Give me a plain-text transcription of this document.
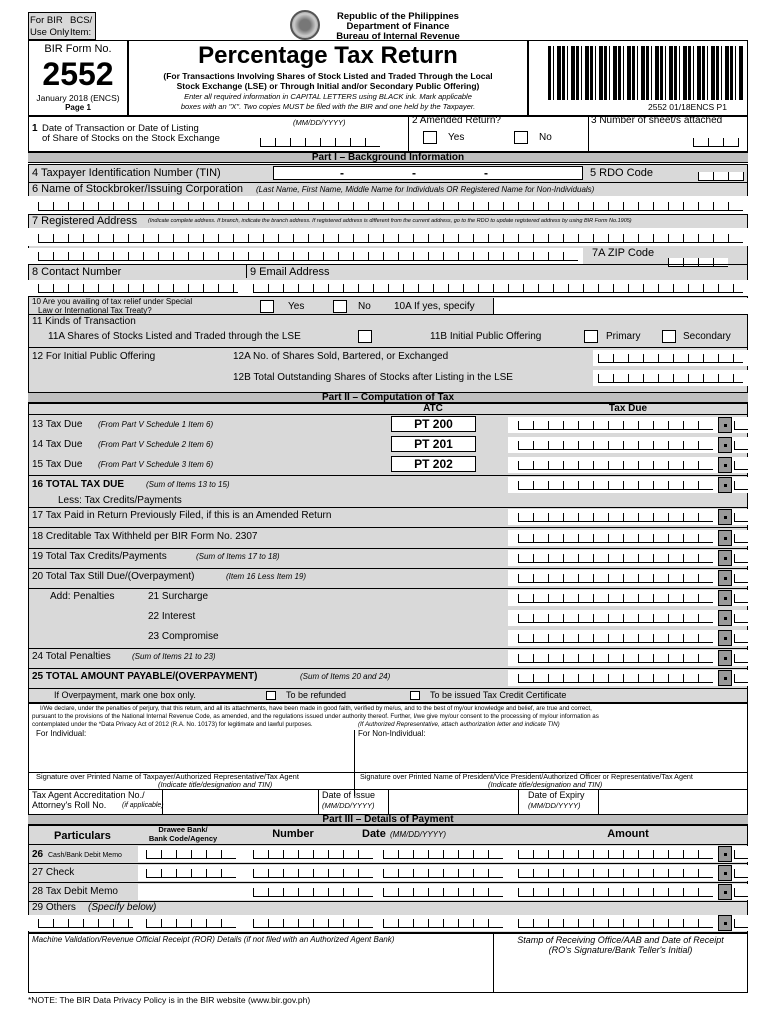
For BIR
Use Only
BCS/
Item:
Republic of the Philippines
Department of Finance
Bureau of Internal Revenue
BIR Form No.
2552
January 2018 (ENCS)
Page 1
Percentage Tax Return
(For Transactions Involving Shares of Stock Listed and Traded Through the Local
Stock Exchange (LSE) or Through Initial and/or Secondary Public Offering)
Enter all required information in CAPITAL LETTERS using BLACK ink. Mark applicable
boxes with an "X". Two copies MUST be filed with the BIR and one held by the Taxpayer.	2552 01/18ENCS P1
1 Date of Transaction or Date of Listing
of Share of Stocks on the Stock Exchange
(MM/DD/YYYY)	2 Amended Return?
Yes	No
3 Number of sheet/s attached
Part I – Background Information
4 Taxpayer Identification Number (TIN)	-	-	-	5 RDO Code
6 Name of Stockbroker/Issuing Corporation (Last Name, First Name, Middle Name for Individuals OR Registered Name for Non-Individuals)
7 Registered Address (Indicate complete address. If branch, indicate the branch address. If registered address is different from the current address, go to the RDO to update registered address by using BIR Form No.1905)
7A ZIP Code
8 Contact Number	9 Email Address
10 Are you availing of tax relief under Special
Law or International Tax Treaty?	Yes	No 10A If yes, specify
11 Kinds of Transaction
11A Shares of Stocks Listed and Traded through the LSE	11B Initial Public Offering	Primary	Secondary
12 For Initial Public Offering	12A No. of Shares Sold, Bartered, or Exchanged
12B Total Outstanding Shares of Stocks after Listing in the LSE
Part II – Computation of Tax
ATC	Tax Due
13 Tax Due (From Part V Schedule 1 Item 6)	PT 200
14 Tax Due (From Part V Schedule 2 Item 6)	PT 201
15 Tax Due (From Part V Schedule 3 Item 6)	PT 202
16 TOTAL TAX DUE	(Sum of Items 13 to 15)
Less: Tax Credits/Payments
17 Tax Paid in Return Previously Filed, if this is an Amended Return
18 Creditable Tax Withheld per BIR Form No. 2307
19 Total Tax Credits/Payments	(Sum of Items 17 to 18)
20 Total Tax Still Due/(Overpayment)	(Item 16 Less Item 19)
Add: Penalties	21 Surcharge
22 Interest
23 Compromise
24 Total Penalties	(Sum of Items 21 to 23)
25 TOTAL AMOUNT PAYABLE/(OVERPAYMENT)	(Sum of Items 20 and 24)
If Overpayment, mark one box only.	To be refunded	To be issued Tax Credit Certificate
I/We declare, under the penalties of perjury, that this return, and all its attachments, have been made in good faith, verified by me/us, and to the best of my/our knowledge and belief, are true and correct,
pursuant to the provisions of the National Internal Revenue Code, as amended, and the regulations issued under authority thereof. Further, I/we give my/our consent to the processing of my/our information as
contemplated under the *Data Privacy Act of 2012 (R.A. No. 10173) for legitimate and lawful purposes.	(If Authorized Representative, attach authorization letter and indicate TIN)
For Individual:	For Non-Individual:
Signature over Printed Name of Taxpayer/Authorized Representative/Tax Agent
(Indicate title/designation and TIN)
Signature over Printed Name of President/Vice President/Authorized Officer or Representative/Tax Agent
(Indicate title/designation and TIN)
Tax Agent Accreditation No./
Attorney's Roll No. (if applicable)
Date of Issue
(MM/DD/YYYY)
Date of Expiry
(MM/DD/YYYY)
Part III – Details of Payment
Particulars
Drawee Bank/
Bank Code/Agency	Number	Date (MM/DD/YYYY)	Amount
26 Cash/Bank Debit Memo
27 Check
28 Tax Debit Memo
29 Others (Specify below)
Machine Validation/Revenue Official Receipt (ROR) Details (if not filed with an Authorized Agent Bank)	Stamp of Receiving Office/AAB and Date of Receipt
(RO's Signature/Bank Teller's Initial)
*NOTE: The BIR Data Privacy Policy is in the BIR website (www.bir.gov.ph)
